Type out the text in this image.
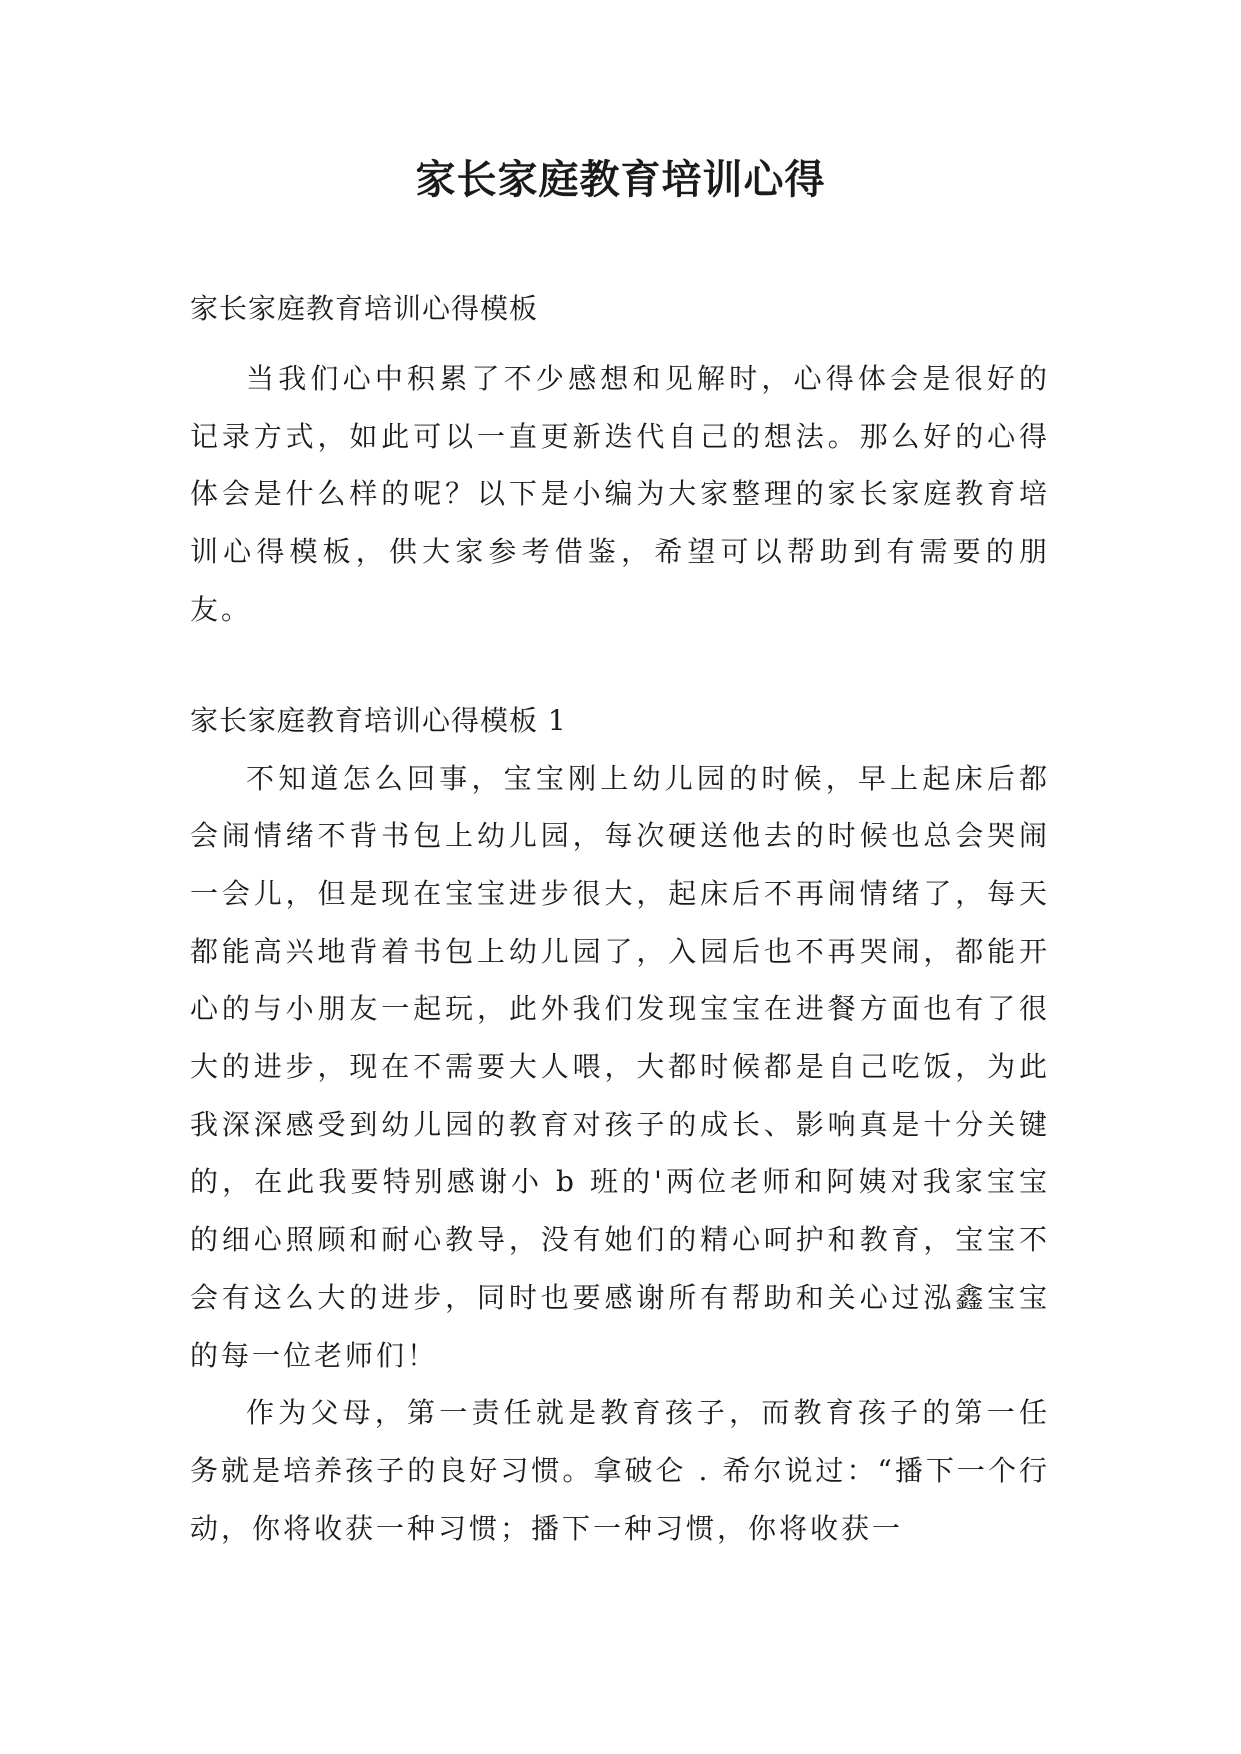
家长家庭教育培训心得
家长家庭教育培训心得模板

当我们心中积累了不少感想和见解时，心得体会是很好的记录方式，如此可以一直更新迭代自己的想法。那么好的心得体会是什么样的呢？以下是小编为大家整理的家长家庭教育培训心得模板，供大家参考借鉴，希望可以帮助到有需要的朋友。

家长家庭教育培训心得模板 1

不知道怎么回事，宝宝刚上幼儿园的时候，早上起床后都会闹情绪不背书包上幼儿园，每次硬送他去的时候也总会哭闹一会儿，但是现在宝宝进步很大，起床后不再闹情绪了，每天都能高兴地背着书包上幼儿园了，入园后也不再哭闹，都能开心的与小朋友一起玩，此外我们发现宝宝在进餐方面也有了很大的进步，现在不需要大人喂，大都时候都是自己吃饭，为此我深深感受到幼儿园的教育对孩子的成长、影响真是十分关键的，在此我要特别感谢小 b 班的'两位老师和阿姨对我家宝宝的细心照顾和耐心教导，没有她们的精心呵护和教育，宝宝不会有这么大的进步，同时也要感谢所有帮助和关心过泓鑫宝宝的每一位老师们！

作为父母，第一责任就是教育孩子，而教育孩子的第一任务就是培养孩子的良好习惯。拿破仑 . 希尔说过：“播下一个行动，你将收获一种习惯；播下一种习惯，你将收获一
